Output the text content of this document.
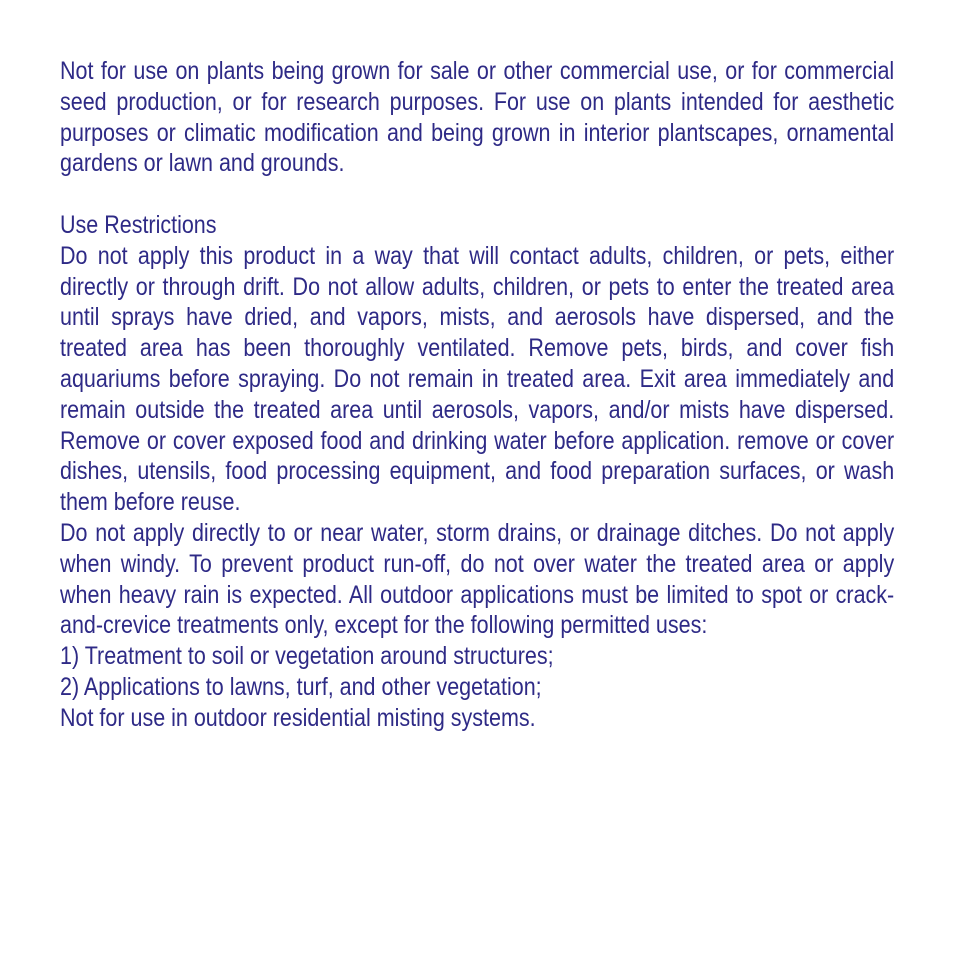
Not for use on plants being grown for sale or other commercial use, or for commercial seed production, or for research purposes. For use on plants intended for aesthetic purposes or climatic modification and being grown in interior plantscapes, ornamental gardens or lawn and grounds.

Use Restrictions

Do not apply this product in a way that will contact adults, children, or pets, either directly or through drift. Do not allow adults, children, or pets to enter the treated area until sprays have dried, and vapors, mists, and aerosols have dispersed, and the treated area has been thoroughly ventilated. Remove pets, birds, and cover fish aquariums before spraying. Do not remain in treated area. Exit area immediately and remain outside the treated area until aerosols, vapors, and/or mists have dispersed. Remove or cover exposed food and drinking water before application. remove or cover dishes, utensils, food processing equipment, and food preparation surfaces, or wash them before reuse.

Do not apply directly to or near water, storm drains, or drainage ditches. Do not apply when windy. To prevent product run-off, do not over water the treated area or apply when heavy rain is expected. All outdoor applications must be limited to spot or crack-and-crevice treatments only, except for the following permitted uses:

1) Treatment to soil or vegetation around structures;

2) Applications to lawns, turf, and other vegetation;

Not for use in outdoor residential misting systems.
